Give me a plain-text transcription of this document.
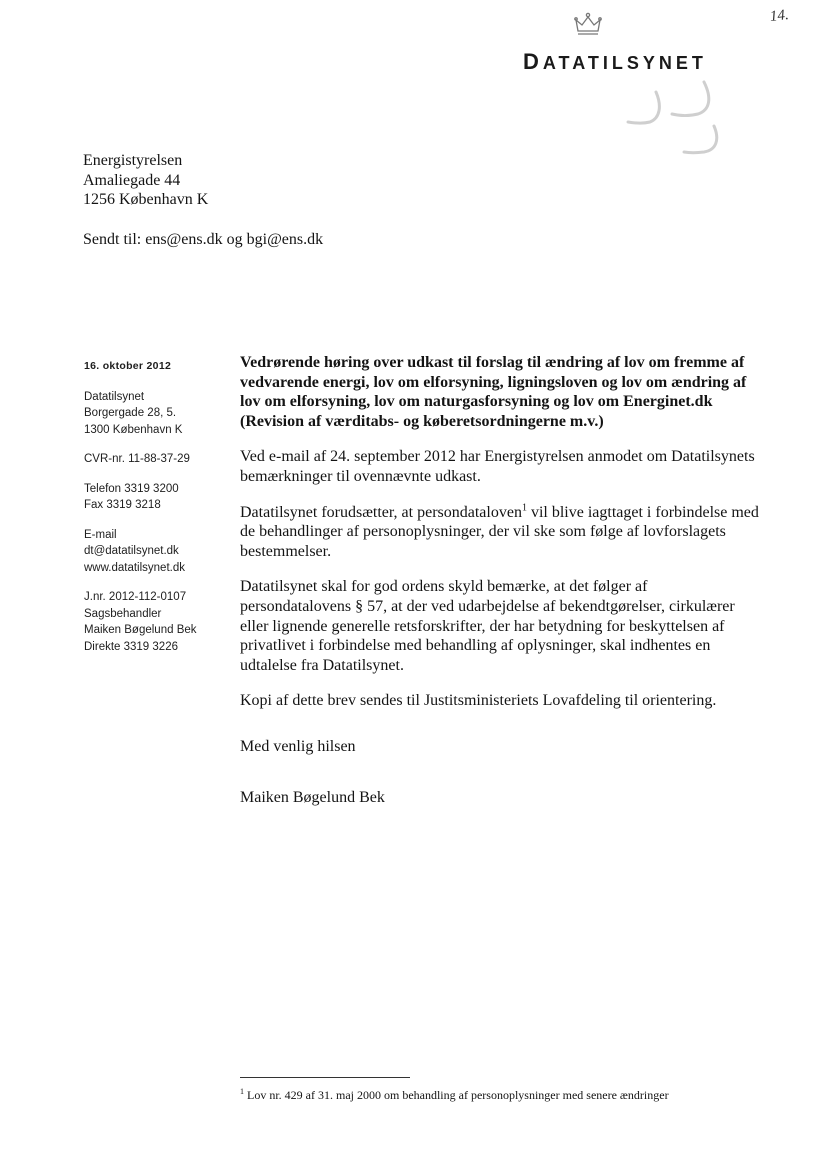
14.
DATATILSYNET
Energistyrelsen
Amaliegade 44
1256 København K
Sendt til: ens@ens.dk og bgi@ens.dk
16. oktober 2012
Datatilsynet
Borgergade 28, 5.
1300 København K
CVR-nr. 11-88-37-29
Telefon 3319 3200
Fax 3319 3218
E-mail
dt@datatilsynet.dk
www.datatilsynet.dk
J.nr. 2012-112-0107
Sagsbehandler
Maiken Bøgelund Bek
Direkte 3319 3226

Vedrørende høring over udkast til forslag til ændring af lov om fremme af vedvarende energi, lov om elforsyning, ligningsloven og lov om ændring af lov om elforsyning, lov om naturgasforsyning og lov om Energinet.dk (Revision af værditabs- og køberetsordningerne m.v.)

Ved e-mail af 24. september 2012 har Energistyrelsen anmodet om Datatilsynets bemærkninger til ovennævnte udkast.

Datatilsynet forudsætter, at persondataloven$^1$ vil blive iagttaget i forbindelse med de behandlinger af personoplysninger, der vil ske som følge af lovforslagets bestemmelser.

Datatilsynet skal for god ordens skyld bemærke, at det følger af persondatalovens § 57, at der ved udarbejdelse af bekendtgørelser, cirkulærer eller lignende generelle retsforskrifter, der har betydning for beskyttelsen af privatlivet i forbindelse med behandling af oplysninger, skal indhentes en udtalelse fra Datatilsynet.

Kopi af dette brev sendes til Justitsministeriets Lovafdeling til orientering.

Med venlig hilsen
Maiken Bøgelund Bek
$^1$ Lov nr. 429 af 31. maj 2000 om behandling af personoplysninger med senere ændringer
